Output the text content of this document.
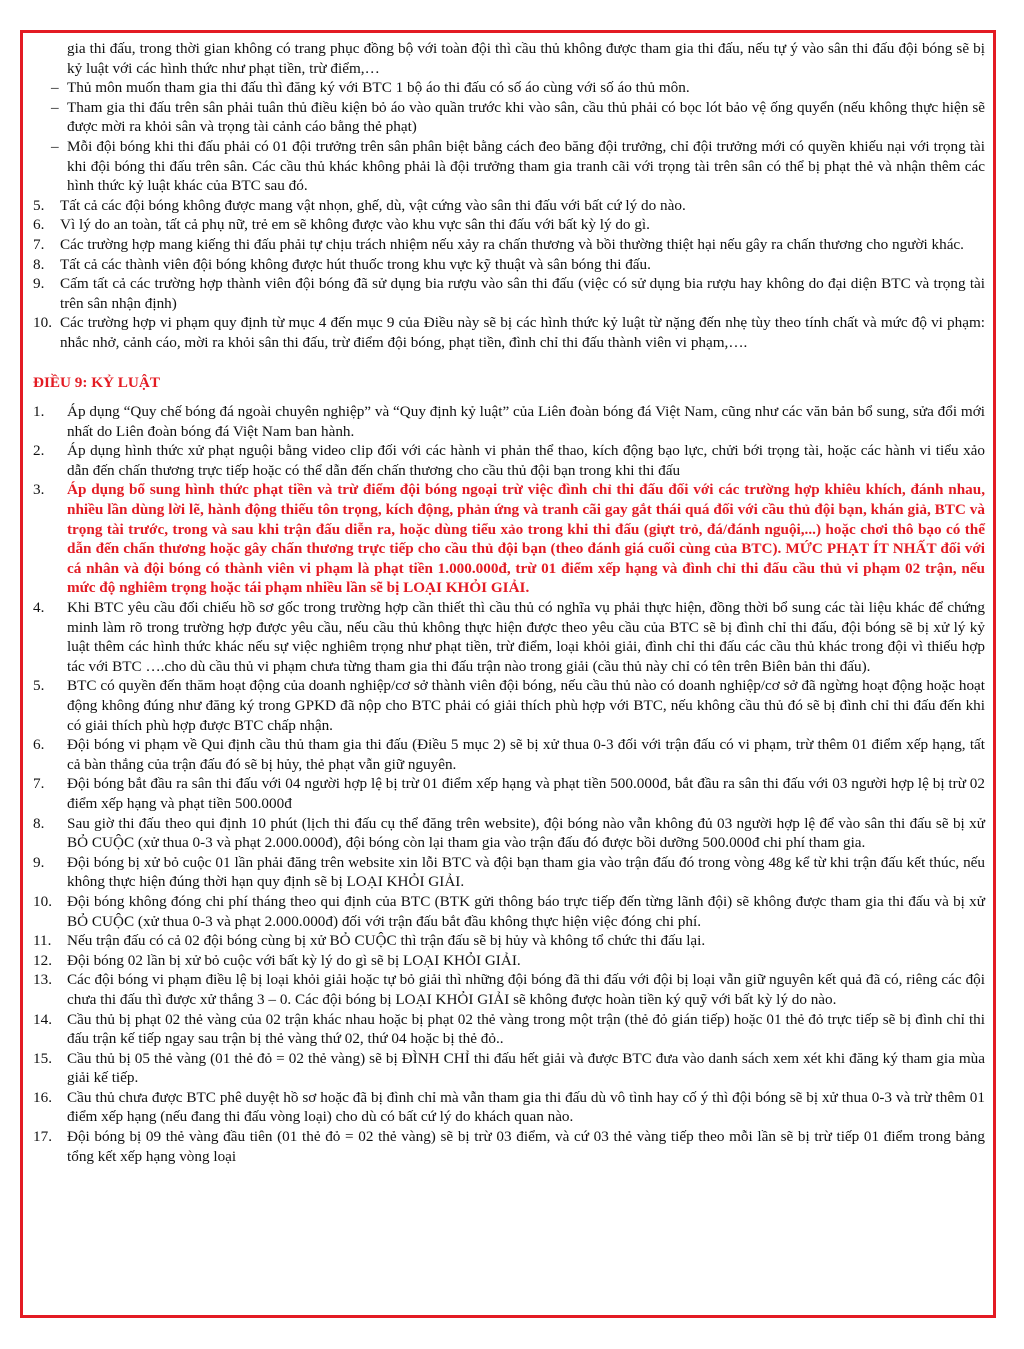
gia thi đấu, trong thời gian không có trang phục đồng bộ với toàn đội thì cầu thủ không được tham gia thi đấu, nếu tự ý vào sân thi đấu đội bóng sẽ bị kỷ luật với các hình thức như phạt tiền, trừ điểm,…

– Thủ môn muốn tham gia thi đấu thì đăng ký với BTC 1 bộ áo thi đấu có số áo cùng với số áo thủ môn.
– Tham gia thi đấu trên sân phải tuân thủ điều kiện bỏ áo vào quần trước khi vào sân, cầu thủ phải có bọc lót bảo vệ ống quyển (nếu không thực hiện sẽ được mời ra khỏi sân và trọng tài cảnh cáo bằng thẻ phạt)
– Mỗi đội bóng khi thi đấu phải có 01 đội trưởng trên sân phân biệt bằng cách đeo băng đội trưởng, chỉ đội trưởng mới có quyền khiếu nại với trọng tài khi đội bóng thi đấu trên sân. Các cầu thủ khác không phải là đội trưởng tham gia tranh cãi với trọng tài trên sân có thể bị phạt thẻ và nhận thêm các hình thức kỷ luật khác của BTC sau đó.
5. Tất cả các đội bóng không được mang vật nhọn, ghế, dù, vật cứng vào sân thi đấu với bất cứ lý do nào.
6. Vì lý do an toàn, tất cả phụ nữ, trẻ em sẽ không được vào khu vực sân thi đấu với bất kỳ lý do gì.
7. Các trường hợp mang kiếng thi đấu phải tự chịu trách nhiệm nếu xảy ra chấn thương và bồi thường thiệt hại nếu gây ra chấn thương cho người khác.
8. Tất cả các thành viên đội bóng không được hút thuốc trong khu vực kỹ thuật và sân bóng thi đấu.
9. Cấm tất cả các trường hợp thành viên đội bóng đã sử dụng bia rượu vào sân thi đấu (việc có sử dụng bia rượu hay không do đại diện BTC và trọng tài trên sân nhận định)
10. Các trường hợp vi phạm quy định từ mục 4 đến mục 9 của Điều này sẽ bị các hình thức kỷ luật từ nặng đến nhẹ tùy theo tính chất và mức độ vi phạm: nhắc nhở, cảnh cáo, mời ra khỏi sân thi đấu, trừ điểm đội bóng, phạt tiền, đình chỉ thi đấu thành viên vi phạm,….
ĐIỀU 9: KỶ LUẬT
1. Áp dụng “Quy chế bóng đá ngoài chuyên nghiệp” và “Quy định kỷ luật” của Liên đoàn bóng đá Việt Nam, cũng như các văn bản bổ sung, sửa đổi mới nhất do Liên đoàn bóng đá Việt Nam ban hành.
2. Áp dụng hình thức xử phạt nguội bằng video clip đối với các hành vi phản thể thao, kích động bạo lực, chửi bới trọng tài, hoặc các hành vi tiểu xảo dẫn đến chấn thương trực tiếp hoặc có thể dẫn đến chấn thương cho cầu thủ đội bạn trong khi thi đấu
3. Áp dụng bổ sung hình thức phạt tiền và trừ điểm đội bóng ngoại trừ việc đình chỉ thi đấu đối với các trường hợp khiêu khích, đánh nhau, nhiều lần dùng lời lẽ, hành động thiếu tôn trọng, kích động, phản ứng và tranh cãi gay gắt thái quá đối với cầu thủ đội bạn, khán giả, BTC và trọng tài trước, trong và sau khi trận đấu diễn ra, hoặc dùng tiểu xảo trong khi thi đấu (giựt trỏ, đá/đánh nguội,...) hoặc chơi thô bạo có thể dẫn đến chấn thương hoặc gây chấn thương trực tiếp cho cầu thủ đội bạn (theo đánh giá cuối cùng của BTC). MỨC PHẠT ÍT NHẤT đối với cá nhân và đội bóng có thành viên vi phạm là phạt tiền 1.000.000đ, trừ 01 điểm xếp hạng và đình chỉ thi đấu cầu thủ vi phạm 02 trận, nếu mức độ nghiêm trọng hoặc tái phạm nhiều lần sẽ bị LOẠI KHỎI GIẢI.
4. Khi BTC yêu cầu đối chiếu hồ sơ gốc trong trường hợp cần thiết thì cầu thủ có nghĩa vụ phải thực hiện, đồng thời bổ sung các tài liệu khác để chứng minh làm rõ trong trường hợp được yêu cầu, nếu cầu thủ không thực hiện được theo yêu cầu của BTC sẽ bị đình chỉ thi đấu, đội bóng sẽ bị xử lý kỷ luật thêm các hình thức khác nếu sự việc nghiêm trọng như phạt tiền, trừ điểm, loại khỏi giải, đình chỉ thi đấu các cầu thủ khác trong đội vì thiếu hợp tác với BTC ….cho dù cầu thủ vi phạm chưa từng tham gia thi đấu trận nào trong giải (cầu thủ này chỉ có tên trên Biên bản thi đấu).
5. BTC có quyền đến thăm hoạt động của doanh nghiệp/cơ sở thành viên đội bóng, nếu cầu thủ nào có doanh nghiệp/cơ sở đã ngừng hoạt động hoặc hoạt động không đúng như đăng ký trong GPKD đã nộp cho BTC phải có giải thích phù hợp với BTC, nếu không cầu thủ đó sẽ bị đình chỉ thi đấu đến khi có giải thích phù hợp được BTC chấp nhận.
6. Đội bóng vi phạm về Qui định cầu thủ tham gia thi đấu (Điều 5 mục 2) sẽ bị xử thua 0-3 đối với trận đấu có vi phạm, trừ thêm 01 điểm xếp hạng, tất cả bàn thắng của trận đấu đó sẽ bị hủy, thẻ phạt vẫn giữ nguyên.
7. Đội bóng bắt đầu ra sân thi đấu với 04 người hợp lệ bị trừ 01 điểm xếp hạng và phạt tiền 500.000đ, bắt đầu ra sân thi đấu với 03 người hợp lệ bị trừ 02 điểm xếp hạng và phạt tiền 500.000đ
8. Sau giờ thi đấu theo qui định 10 phút (lịch thi đấu cụ thể đăng trên website), đội bóng nào vẫn không đủ 03 người hợp lệ để vào sân thi đấu sẽ bị xử BỎ CUỘC (xử thua 0-3 và phạt 2.000.000đ), đội bóng còn lại tham gia vào trận đấu đó được bồi dưỡng 500.000đ chi phí tham gia.
9. Đội bóng bị xử bỏ cuộc 01 lần phải đăng trên website xin lỗi BTC và đội bạn tham gia vào trận đấu đó trong vòng 48g kể từ khi trận đấu kết thúc, nếu không thực hiện đúng thời hạn quy định sẽ bị LOẠI KHỎI GIẢI.
10. Đội bóng không đóng chi phí tháng theo qui định của BTC (BTK gửi thông báo trực tiếp đến từng lãnh đội) sẽ không được tham gia thi đấu và bị xử BỎ CUỘC (xử thua 0-3 và phạt 2.000.000đ) đối với trận đấu bắt đầu không thực hiện việc đóng chi phí.
11. Nếu trận đấu có cả 02 đội bóng cùng bị xử BỎ CUỘC thì trận đấu sẽ bị hủy và không tổ chức thi đấu lại.
12. Đội bóng 02 lần bị xử bỏ cuộc với bất kỳ lý do gì sẽ bị LOẠI KHỎI GIẢI.
13. Các đội bóng vi phạm điều lệ bị loại khỏi giải hoặc tự bỏ giải thì những đội bóng đã thi đấu với đội bị loại vẫn giữ nguyên kết quả đã có, riêng các đội chưa thi đấu thì được xử thắng 3 – 0. Các đội bóng bị LOẠI KHỎI GIẢI sẽ không được hoàn tiền ký quỹ với bất kỳ lý do nào.
14. Cầu thủ bị phạt 02 thẻ vàng của 02 trận khác nhau hoặc bị phạt 02 thẻ vàng trong một trận (thẻ đỏ gián tiếp) hoặc 01 thẻ đỏ trực tiếp sẽ bị đình chỉ thi đấu trận kế tiếp ngay sau trận bị thẻ vàng thứ 02, thứ 04 hoặc bị thẻ đỏ..
15. Cầu thủ bị 05 thẻ vàng (01 thẻ đỏ = 02 thẻ vàng) sẽ bị ĐÌNH CHỈ thi đấu hết giải và được BTC đưa vào danh sách xem xét khi đăng ký tham gia mùa giải kế tiếp.
16. Cầu thủ chưa được BTC phê duyệt hồ sơ hoặc đã bị đình chỉ mà vẫn tham gia thi đấu dù vô tình hay cố ý thì đội bóng sẽ bị xử thua 0-3 và trừ thêm 01 điểm xếp hạng (nếu đang thi đấu vòng loại) cho dù có bất cứ lý do khách quan nào.
17. Đội bóng bị 09 thẻ vàng đầu tiên (01 thẻ đỏ = 02 thẻ vàng) sẽ bị trừ 03 điểm, và cứ 03 thẻ vàng tiếp theo mỗi lần sẽ bị trừ tiếp 01 điểm trong bảng tổng kết xếp hạng vòng loại
